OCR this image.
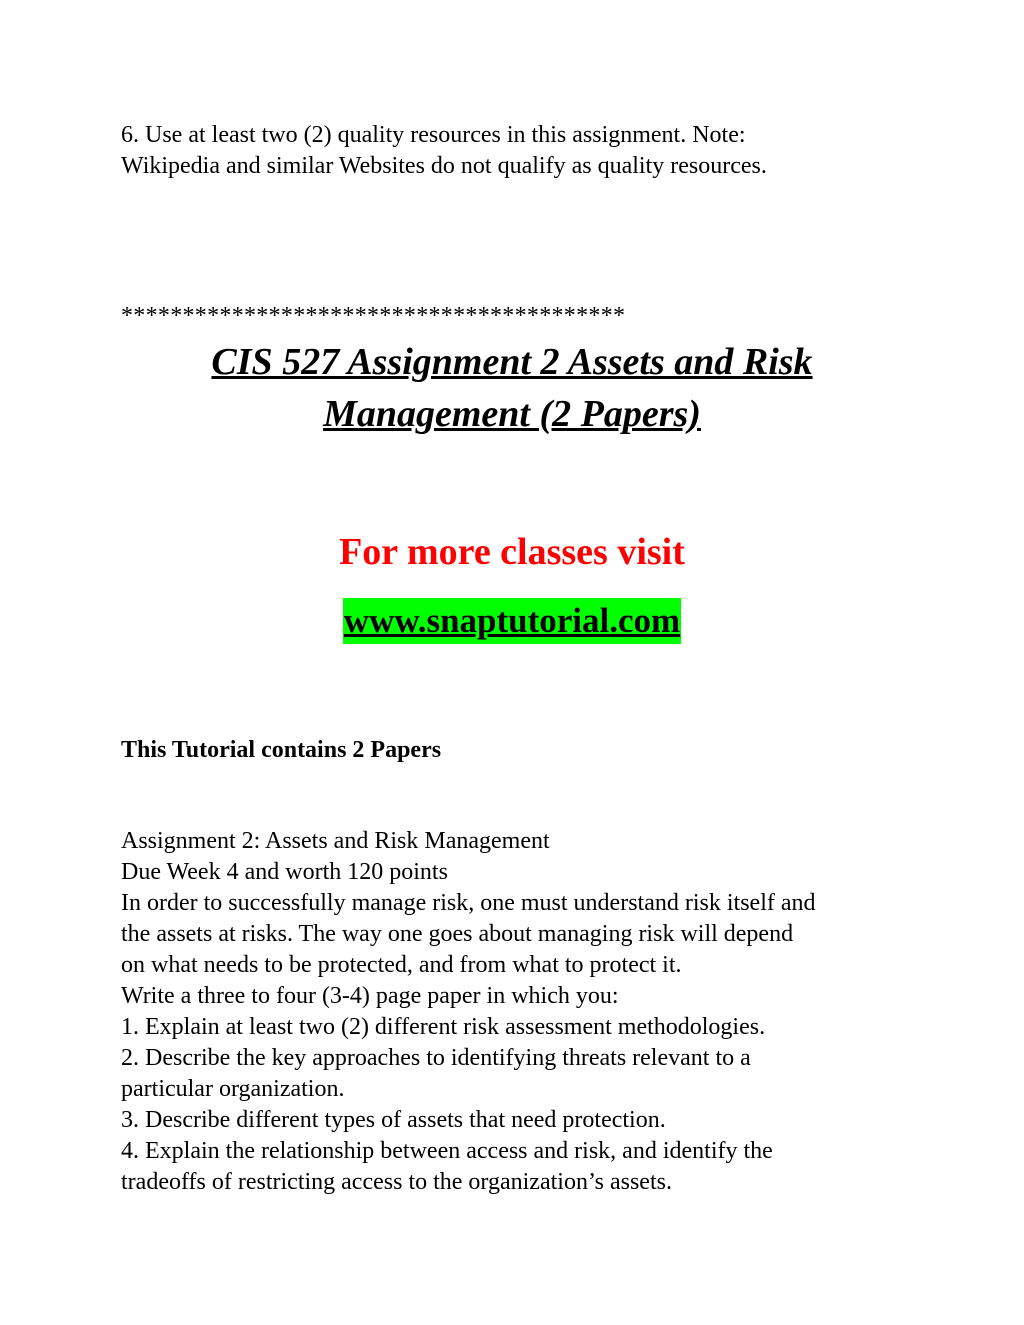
6. Use at least two (2) quality resources in this assignment. Note:

Wikipedia and similar Websites do not qualify as quality resources.

*****************************************
CIS 527 Assignment 2 Assets and Risk
Management (2 Papers)
For more classes visit
www.snaptutorial.com
This Tutorial contains 2 Papers

Assignment 2: Assets and Risk Management

Due Week 4 and worth 120 points

In order to successfully manage risk, one must understand risk itself and

the assets at risks. The way one goes about managing risk will depend

on what needs to be protected, and from what to protect it.

Write a three to four (3-4) page paper in which you:

1. Explain at least two (2) different risk assessment methodologies.

2. Describe the key approaches to identifying threats relevant to a

particular organization.

3. Describe different types of assets that need protection.

4. Explain the relationship between access and risk, and identify the

tradeoffs of restricting access to the organization’s assets.
